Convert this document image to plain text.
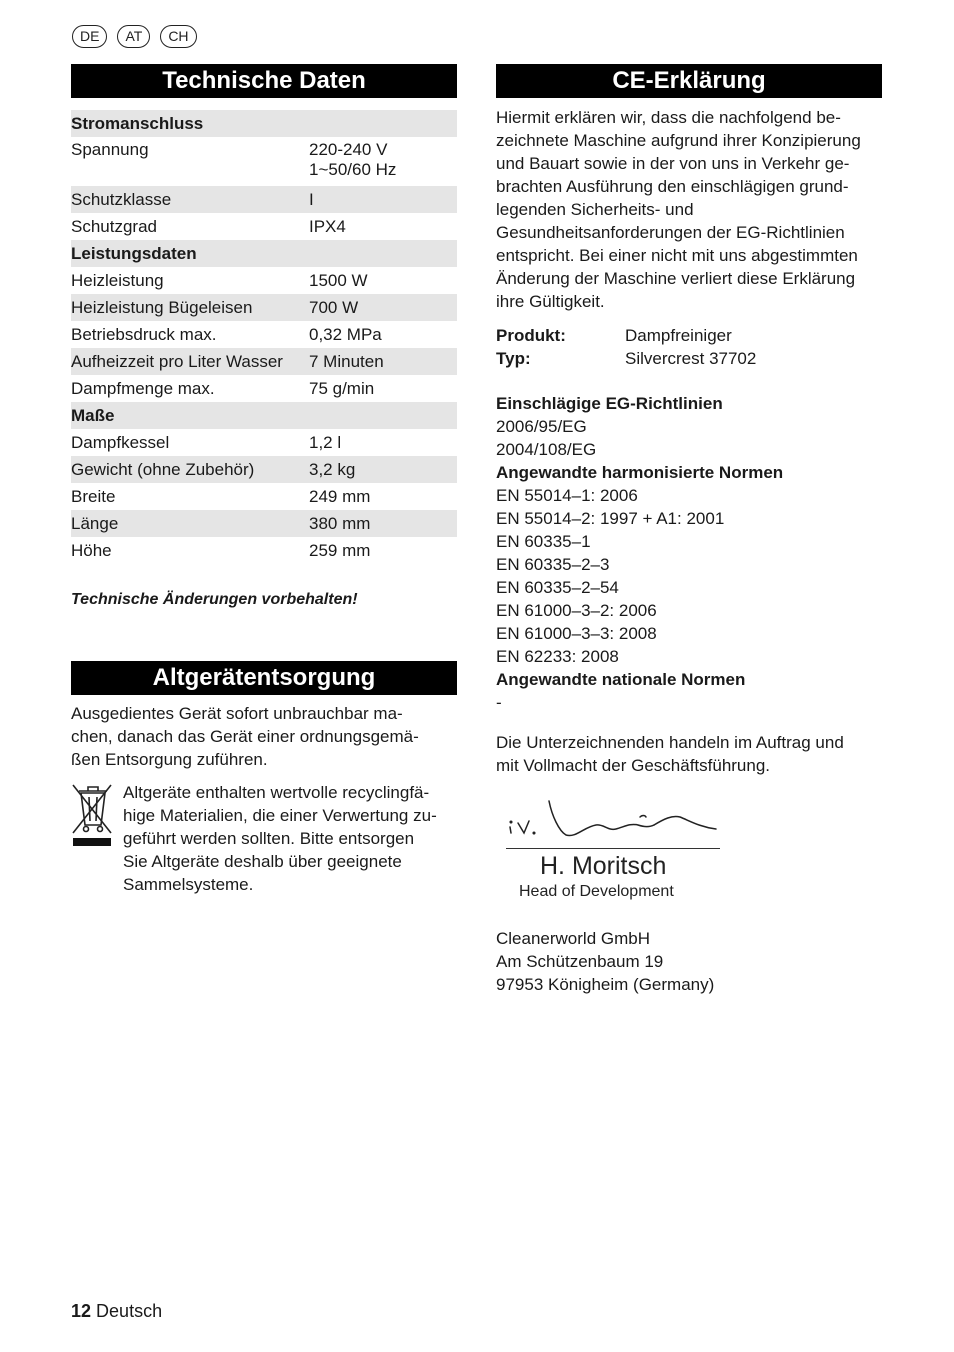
DE	AT	CH
Technische Daten
Stromanschluss	
Spannung	220-240 V
1~50/60 Hz

Schutzklasse	I
Schutzgrad	IPX4
Leistungsdaten	
Heizleistung	1500 W
Heizleistung Bügeleisen	700 W
Betriebsdruck max.	0,32 MPa
Aufheizzeit pro Liter Wasser	7 Minuten
Dampfmenge max.	75 g/min
Maße	
Dampfkessel	1,2 l
Gewicht (ohne Zubehör)	3,2 kg
Breite	249 mm
Länge	380 mm
Höhe	259 mm
Technische Änderungen vorbehalten!
Altgerätentsorgung
Ausgedientes Gerät sofort unbrauchbar ma-
chen, danach das Gerät einer ordnungsgemä-
ßen Entsorgung zuführen.
Altgeräte enthalten wertvolle recyclingfä-
hige Materialien, die einer Verwertung zu-
geführt werden sollten. Bitte entsorgen
Sie Altgeräte deshalb über geeignete
Sammelsysteme.
CE-Erklärung
Hiermit erklären wir, dass die nachfolgend be-
zeichnete Maschine aufgrund ihrer Konzipierung
und Bauart sowie in der von uns in Verkehr ge-
brachten Ausführung den einschlägigen grund-
legenden Sicherheits- und
Gesundheitsanforderungen der EG-Richtlinien
entspricht. Bei einer nicht mit uns abgestimmten
Änderung der Maschine verliert diese Erklärung
ihre Gültigkeit.
Produkt:	Dampfreiniger
Typ:	Silvercrest 37702
Einschlägige EG-Richtlinien
2006/95/EG
2004/108/EG
Angewandte harmonisierte Normen
EN 55014–1: 2006
EN 55014–2: 1997 + A1: 2001
EN 60335–1
EN 60335–2–3
EN 60335–2–54
EN 61000–3–2: 2006
EN 61000–3–3: 2008
EN 62233: 2008
Angewandte nationale Normen
-
Die Unterzeichnenden handeln im Auftrag und
mit Vollmacht der Geschäftsführung.
H. Moritsch
Head of Development
Cleanerworld GmbH
Am Schützenbaum 19
97953 Königheim (Germany)
12 Deutsch
